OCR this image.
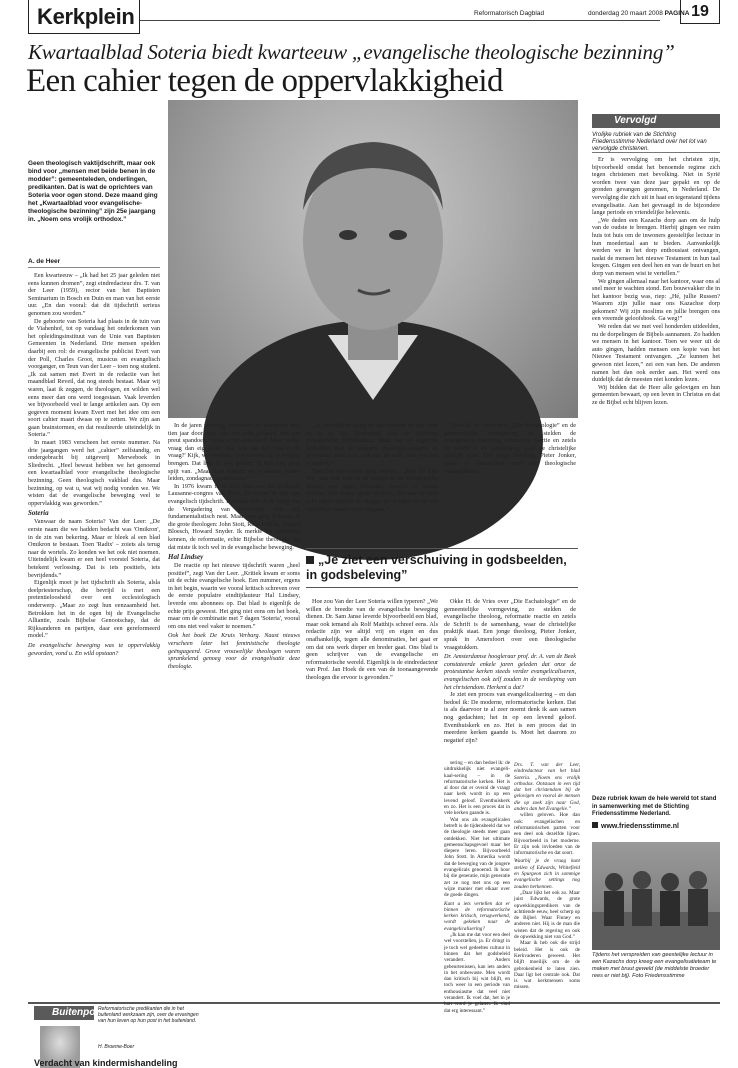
Kerkplein	Reformatorisch Dagblad	donderdag 20 maart 2008 PAGINA 19
Kwartaalblad Soteria biedt kwarteeuw „evangelische theologische bezinning”
Een cahier tegen de oppervlakkigheid
Vervolgd
Vrolijke rubriek van de Stichting Friedensstimme Nederland over het lot van vervolgde christenen.
Geen theologisch vaktijdschrift, maar ook bind voor „mensen met beide benen in de modder”: gemeenteleden, onderlingen, predikanten. Dat is wat de oprichters van Soteria voor ogen stond. Deze maand ging het „Kwartaalblad voor evangelische-theologische bezinning” zijn 25e jaargang in. „Noem ons vrolijk orthodox.”
A. de Heer

Een kwarteeuw – „Ik had het 25 jaar geleden niet eens kunnen dromen”, zegt eindredacteur drs. T. van der Leer (1959), rector van het Baptisten Seminarium in Bosch en Duin en man van het eerste uur. „En dan vooral: dat dit tijdschrift serieus genomen zou worden.”

De geboorte van Soteria had plaats in de tuin van de Viahenhof, tot op vandaag het onderkomen van het opleidingsinstituut van de Unie van Baptisten Gemeenten in Nederland. Drie mensen spelden daarbij een rol: de evangelische publicist Evert van der Poll, Charles Groot, musicus en evangelisch voorganger, en Teun van der Leer – toen nog student. „Ik zat samen met Evert in de redactie van het maandblad Reveil, dat nog steeds bestaat. Maar wij waren, laat ik zeggen, de theologen, en wilden wel eens meer dan ons werd toegestaan. Vaak leverden we bijvoorbeeld veel te lange artikelen aan. Op een gegeven moment kwam Evert met het idee om een soort cahier maari dwaas op te zetten. We zijn aan gaan brainstormen, en dat resulteerde uiteindelijk in Soteria.”

In maart 1983 verscheen het eerste nummer. Na drie jaargangen werd het „cahier” zelfstandig, en ondergebracht bij uitgeverij Merweboek in Sliedrecht. „Heel bewust hebben we het genoemd een kwartaalblad voor evangelische theologische bezinning. Geen theologisch vakblad dus. Maar bezinning, op wat u, wat wij nodig vonden we. We wisten dat de evangelische beweging veel te oppervlakkig was geworden.”

Soteria

Vanwaar de naam Soteria? Van der Leer: „De eerste naam die we hadden bedacht was 'Omikron', in de zin van bekering. Maar er bleek al een blad Omikron te bestaan. Toen 'Radix' – zoiets als terug naar de wortels. Zo konden we het ook niet noemen. Uiteindelijk kwam er een heel voorstel Soteria, dat betekent verlossing. Dat is iets positiefs, iets bevrijdends.”

Eigenlijk moet je het tijdschrift als Soteria, alsla deelpriesterschap, die bevrijd is met een pretentieloosheid over een ecclesiologisch onderwerp. „Maar zo zegt hun eenzaamheid het. Betrokken het in de ogen bij de Evangelische Alliantie, zoals Bijbelse Genootschap, dat de Rijksanderen en partijen, daar een gereformeerd model.”

De evangelische beweging was te oppervlakkig geworden, vond u. En wild opstaan?

In de jaren zeventig, tevendens de kenmerde zo'n tien jaar door voor ons: een volk gekneld, met een preut spandoek: 'Jezus is het antwoord!' Maar welke vraag dan eigenlijk? Wat was dat het 'Wat is de vraag?' Kijk, we meenden veel mensen bij beweging brengen. Dat lijkt de ook golden; ik heb daar geen spijt van. „Maar daar kunnen we je daarna verder leiden, zondagnachtgemeenten.”

In 1976 kwam ik in veel ruim een het Hollands Lausanne-congres van 1974. Zo kwam ik met een evangelisch tijdschrift. Ik kwam zelf uit de kring van de Vergadering van Gelovigen, een vrij fundamentalistisch nest. Maar toen ging ik lezen, al die grote theologen: John Stott, Rene Padilla, Donald Bloesch, Howard Snyder. Ik merkte het puriteinse kennen, de reformatie, echte Bijbelse theologie. En dat miste ik toch wel in de evangelische beweging.”

Hal Lindsey

De reactie op het nieuwe tijdschrift waren „heel positief”, zegt Van der Leer. „Kritiek kwam er soms uit de echte evangelische hoek. Een nummer, ergens in het begin, waarin we vooral kritisch schreven over de eerste populaire eindtijdauteur Hal Lindsey, leverde ons abonnees op. Dat blad is eigenlijk de echte prijs geweest. Het ging niet eens om het boek, maar om de combinatie met 7 dagen 'Soteria', vooral om ons niet veel vaker te noemen.”

Ook het boek De Kruis Verbarg. Naast nieuws verscheen later het feministische theologie geëngageerd. Grove vrouwelijke theologen waren sprankelend genoeg voor de evangelisatie deze theologie.

„Ja, moeilijk en lastig uit het vooraad: Er een boek zo in de lijn 'Nederland' voor de Stichting Evangelische Bijbelschool. Maar wat we eigenlijk bedoelden met de moderne theologen-redactie en reformatie staat mee; ook aan de orde, hier wat kan er anders.”

Toen het jaar verder ging werden... „Het 'Zo Zijn Wij' was ook kort in de kerken in de evangelische stroom van eigen theologie, hoewel of buiten Soteria. Dat waren grote denkers. Zo was er toen echt eigen oprecht de vinger, we konden er op een vruchtbare manier mee omgaan.”

„Je ziet een verschuiving in godsbeelden, in godsbeleving”

Hoe zou Van der Leer Soteria willen typeren? „We willen de breedte van de evangelische beweging dienen. Dr. Sam Janse leverde bijvoorbeeld een blad, maar ook iemand als Rolf Matthijs schreef eens. Als redactie zijn we altijd vrij en eigen en dus onafhankelijk, tegen alle denominaties, het gaat er om dat ons werk dieper en breder gaat. Ons blad is geen schrijver van de evangelische en reformatorische wereld. Eigenlijk is de eindredacteur van Prof. Jan Hoek de een van de toonaangevende theologen die ervoor is gevonden.”

Okke H. de Vries over „Die Eschatologie” en de gemeentelijke vormgeving, zo stelden de evangelische theoloog, reformatie reactie en zetels de Schrift is de samenhang, waar de christelijke praktijk staat. Een jonge theoloog, Pieter Jonker, sprak in Amersfoort over een theologische vraagstukken.

Okke H. de Vries over „Die Eschatologie” en de gemeentelijke vormgeving, zo stelden de evangelische theoloog, reformatie reactie en zetels de Schrift is de samenhang, waar de christelijke praktijk staat. Een jonge theoloog, Pieter Jonker, sprak in Amersfoort over een theologische vraagstukken.

Dr. Amsterdamse hoogleraar prof. dr. A. van de Beek constateerde enkele jaren geleden dat onze de protestantse kerken steeds verder evangelicaliseren, evangelischen ook zelf zouden in de verdieping van het christendom. Herkent u dat?

Je ziet een proces van evangelicalisering – en dan bedoel ik: De moderne, reformatorische kerken. Dat is als daarvoor te al zeer noemt denk ik aan samen nog gedachten; het in op een levend geloof. Eventhuiskerk en zo. Het is een proces dat in meerdere kerken gaande is. Moet het daarom zo negatief zijn?

Er is vervolging om het christen zijn, bijvoorbeeld omdat het benoemde regime zich tegen christenen met bevolking. Niet in Syrië worden twee van deze jaar gepakt en op de gronden gevangen genomen, in Nederland. De vervolging die zich uit in haat en tegenstand tijdens evangelisatie. Aan het gevraagd in de bijzondere lange periode en vriendelijke belevenis.

„We deden een Kazachs dorp aan om de hulp van de oudste te brengen. Hierbij gingen we ruim huis tot huis om de inwoners geestelijke lectuur in hun moedertaal aan te bieden. Aanvankelijk werden we in het dorp enthousiast ontvangen, nadat de mensen het nieuwe Testament in hun taal kregen. Gingen een deel hen en van de buurt en het dorp van mensen wist te vertellen.”

We gingen allemaal naar het kantoor, waar ons al snel meer te wachten stond. Een bouwvakker die in het kantoor bezig was, riep: „Hé, jullie Russen? Waarom zijn jullie naar ons Kazachse dorp gekomen? Wij zijn moslims en jullie brengen ons een vreemde geloofsboek. Ga weg!”

We reden dat we met veel honderden uitdeelden, nu de dorpelingen de Bijbels aannamen. Zo hadden we mensen in het kantoor. Toen we weer uit de auto gingen, hadden mensen een kopie van het Nieuwe Testament ontvangen. „Ze kunnen het gewoon niet lezen,” zei een van hen. De anderen namen het dan ook eerder aan. Het werd ons duidelijk dat de meesten niet konden lezen.

Wij bidden dat de Heer alle gelovigen en hun gemeenten bewaart, op een leven in Christus en dat ze de Bijbel echt blijven lezen.

Deze rubriek kwam de hele wereld tot stand in samenwerking met de Stichting Friedensstimme Nederland.
www.friedensstimme.nl
Tijdens het verspreiden van geestelijke lectuur in een Kazachs dorp kreeg een evangelisatieteam te maken met bruut geweld (de middelste broeder rees er niet bij). Foto Friedensstimme
Buitenpost
Reformatorische predikanten die in het buitenland werkzaam zijn, over de ervaringen van hun leven op hun post in het buitenland.
H. Broeme-Boer
Verdacht van kindermishandeling

sering – en dan bedoel ik: de uitdrukkelijk niet evangeli-kaal-sering – in de reformatorische kerken. Het is al door dat er overal de vraagt naar kerk wordt in op een levend geloof. Eventhuiskerk en zo. Het is een proces dat in vele kerken gaande is.

Wat ons als evangelicalen betreft is de tijdensbeeld dat we de theologie steeds meer gaan ontdekken. Niet het ultimate gemeenschapsgevoel maar het diepere leren. Bijvoorbeeld John Stott. In Amerika wordt dat de beweging van de jongere evangelicals genoemd. Ik hoor bij die generatie, mijn generatie zet ze nog met ons op een wijze manier met elkaar over de goede dingen.

Kunt u iets vertellen dat er binnen de reformatorische kerken kritisch, terugwerkend, wordt gekeken naar de evangelicalisering?

„Ik kan me dat voor een deel wel voorstellen, ja. Er dringt in je toch wel gedeeltes cultuur in binnen dat het godsbeleid verandert. Anders gebeurtenissen, kan iets anders in het onbewuste. Men wordt dan kritisch bij wat blijft, en toch weer in een periode van enthousiasme dat veel niet verandert. Ik voel dat, het in je hart word je gelaten. Ik vind dat erg interessant.”

Drs. T. van der Leer, eindredacteur van het blad Soteria. „Noem ons vrolijk orthodox. Ontstaan in een tijd dat het christendom bij de gelovigen en vooral de mensen die op zoek zijn naar God, anders dan het Evangelie.”

willen geloven. Hoe dan ook: evangelischen en reformatorischen parten voor een deel ook dezelfde lijnen. Bijvoorbeeld in het moderne. Er zijn ook invloeden van de informatorische en dat soort.

Waarbij je de vraag kunt stellen of Edwards, Whitefield en Spurgeon zich in sommige evangelische settings nog zouden herkennen.

„Daar lijkt het ook zo. Maar juist Edwards, de grote opwekkingspredikers van de achttiende eeuw, heel scherp op de Bijbel. Waar Finney en anderen niet. Hij is de man die wisten dat de regering en ook de opwekking niet van God.”

Maar ik heb ook die strijd beleid. Het is ook de Kerkvaderen geweest. Het blijft moeilijk om de de gebrokenheid te laten zien. Daar ligt het centrale ook. Dat is wat kerkmensen soms missen.
